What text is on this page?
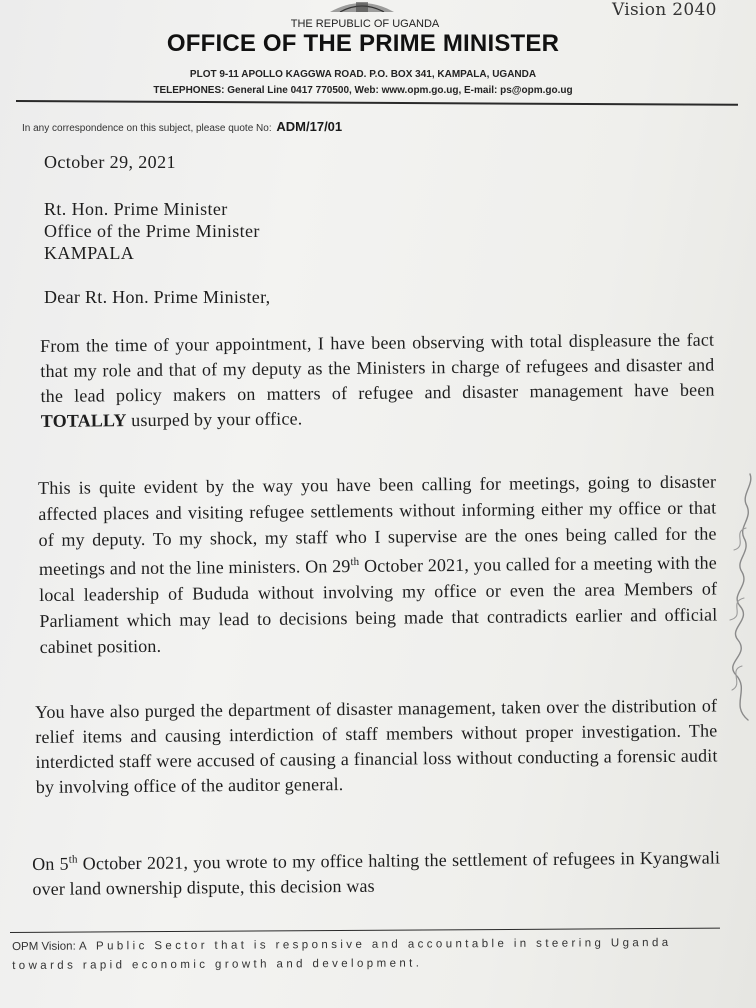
Vision 2040
THE REPUBLIC OF UGANDA
OFFICE OF THE PRIME MINISTER
PLOT 9-11 APOLLO KAGGWA ROAD. P.O. BOX 341, KAMPALA, UGANDA
TELEPHONES: General Line 0417 770500, Web: www.opm.go.ug, E-mail: ps@opm.go.ug
In any correspondence on this subject, please quote No: ADM/17/01
October 29, 2021
Rt. Hon. Prime Minister
Office of the Prime Minister
KAMPALA
Dear Rt. Hon. Prime Minister,

From the time of your appointment, I have been observing with total displeasure the fact that my role and that of my deputy as the Ministers in charge of refugees and disaster and the lead policy makers on matters of refugee and disaster management have been TOTALLY usurped by your office.

This is quite evident by the way you have been calling for meetings, going to disaster affected places and visiting refugee settlements without informing either my office or that of my deputy. To my shock, my staff who I supervise are the ones being called for the meetings and not the line ministers. On 29th October 2021, you called for a meeting with the local leadership of Bududa without involving my office or even the area Members of Parliament which may lead to decisions being made that contradicts earlier and official cabinet position.

You have also purged the department of disaster management, taken over the distribution of relief items and causing interdiction of staff members without proper investigation. The interdicted staff were accused of causing a financial loss without conducting a forensic audit by involving office of the auditor general.

On 5th October 2021, you wrote to my office halting the settlement of refugees in Kyangwali over land ownership dispute, this decision was

OPM Vision: A Public Sector that is responsive and accountable in steering Uganda towards rapid economic growth and development.
